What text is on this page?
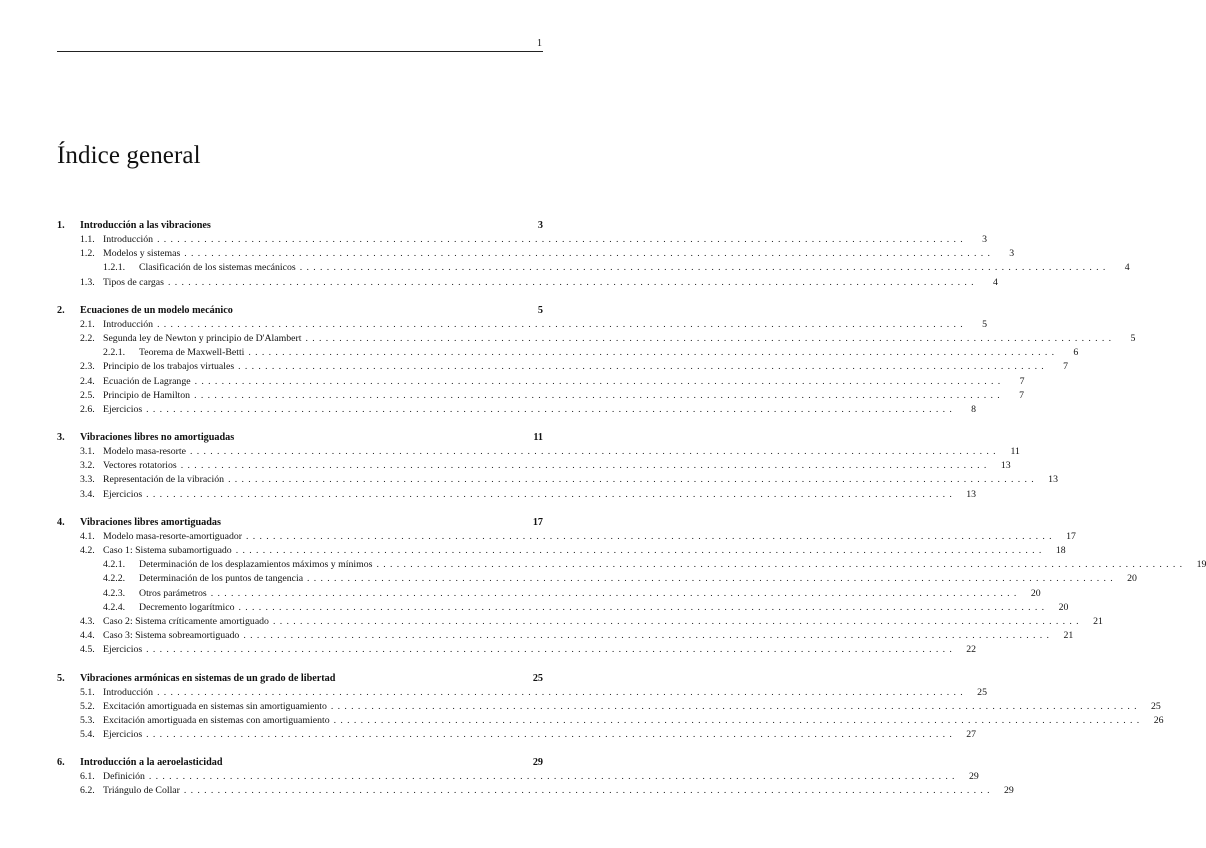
1
Índice general
1.	Introducción a las vibraciones	3
1.1. Introducción ........................................................................................................................	3
1.2. Modelos y sistemas ........................................................................................................................	3
1.2.1.	Clasificación de los sistemas mecánicos ........................................................................................................................	4
1.3. Tipos de cargas ........................................................................................................................	4
2.	Ecuaciones de un modelo mecánico	5
2.1. Introducción ........................................................................................................................	5
2.2. Segunda ley de Newton y principio de D'Alambert ........................................................................................................................	5
2.2.1.	Teorema de Maxwell-Betti ........................................................................................................................	6
2.3. Principio de los trabajos virtuales ........................................................................................................................	7
2.4. Ecuación de Lagrange ........................................................................................................................	7
2.5. Principio de Hamilton ........................................................................................................................	7
2.6. Ejercicios ........................................................................................................................	8
3.	Vibraciones libres no amortiguadas	11
3.1. Modelo masa-resorte ........................................................................................................................	11
3.2. Vectores rotatorios ........................................................................................................................	13
3.3. Representación de la vibración ........................................................................................................................	13
3.4. Ejercicios ........................................................................................................................	13
4.	Vibraciones libres amortiguadas	17
4.1. Modelo masa-resorte-amortiguador ........................................................................................................................	17
4.2. Caso 1: Sistema subamortiguado ........................................................................................................................	18
4.2.1.	Determinación de los desplazamientos máximos y mínimos ........................................................................................................................	19
4.2.2.	Determinación de los puntos de tangencia ........................................................................................................................	20
4.2.3.	Otros parámetros ........................................................................................................................	20
4.2.4.	Decremento logarítmico ........................................................................................................................	20
4.3. Caso 2: Sistema críticamente amortiguado ........................................................................................................................	21
4.4. Caso 3: Sistema sobreamortiguado ........................................................................................................................	21
4.5. Ejercicios ........................................................................................................................	22
5.	Vibraciones armónicas en sistemas de un grado de libertad	25
5.1. Introducción ........................................................................................................................	25
5.2. Excitación amortiguada en sistemas sin amortiguamiento ........................................................................................................................	25
5.3. Excitación amortiguada en sistemas con amortiguamiento ........................................................................................................................	26
5.4. Ejercicios ........................................................................................................................	27
6.	Introducción a la aeroelasticidad	29
6.1. Definición ........................................................................................................................	29
6.2. Triángulo de Collar ........................................................................................................................	29
